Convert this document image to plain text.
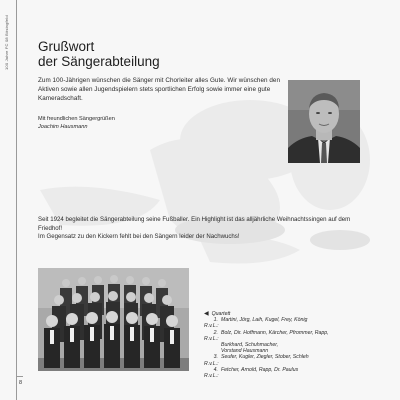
100 Jahre FC 08 Bösingfeld Grußwort
der Sängerabteilung
Zum 100-Jährigen wünschen die Sänger mit Chorleiter alles Gute. Wir wünschen den
Aktiven sowie allen Jugendspielern stets sportlichen Erfolg sowie immer eine gute
Kameradschaft.
Mit freundlichen Sängergrüßen
Joachim Hausmann
Seit 1924 begleitet die Sängerabteilung seine Fußballer. Ein Highlight ist das alljährliche Weihnachtssingen auf dem
Friedhof!
Im Gegensatz zu den Kickern fehlt bei den Sängern leider der Nachwuchs!
◀ Quartett
1. R.v.L.:
Martini, Jörg, Laih, Kugel, Frey, König
2. R.v.L.:
Bolz, Dir. Hoffmann, Kärcher, Pfrommer, Rapp,
Burkhard, Schuhmacher,
Vorstand Hausmann
3. R.v.L.:
Seufer, Kugler, Ziegler, Stober, Schleh
4. R.v.L.:
Fetcher, Arnold, Rapp, Dr. Paulus
8
